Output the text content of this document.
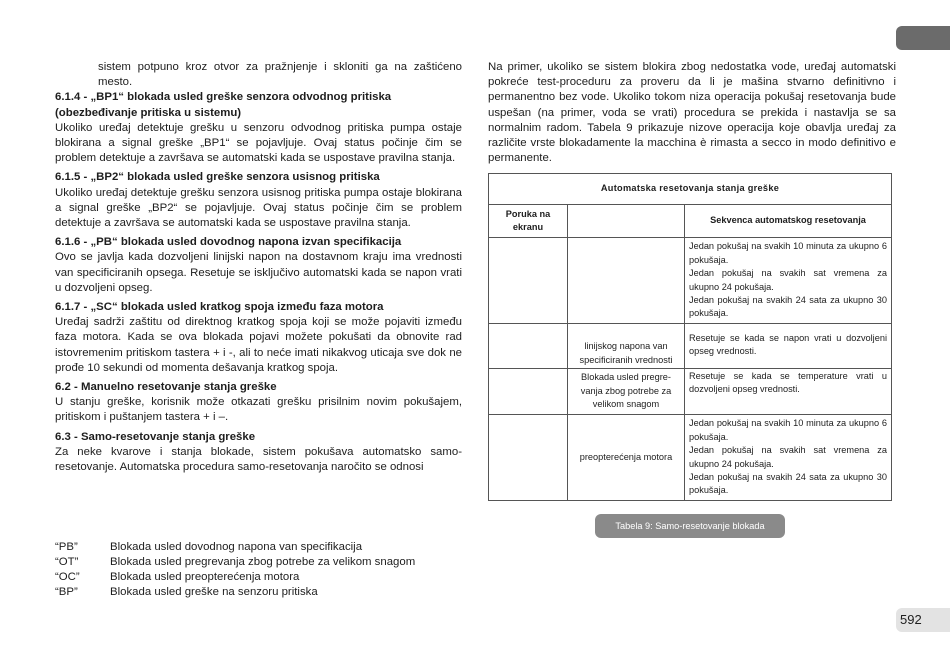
sistem potpuno kroz otvor za pražnjenje i skloniti ga na zaštićeno mesto.

6.1.4 - „BP1“ blokada usled greške senzora odvodnog pritiska (obezbeđivanje pritiska u sistemu)

Ukoliko uređaj detektuje grešku u senzoru odvodnog pritiska pumpa ostaje blokirana a signal greške „BP1“ se pojavljuje. Ovaj status počinje čim se problem detektuje a završava se automatski kada se uspostave pravilna stanja.

6.1.5 - „BP2“ blokada usled greške senzora usisnog pritiska

Ukoliko uređaj detektuje grešku senzora usisnog pritiska pumpa ostaje blokirana a signal greške „BP2“ se pojavljuje. Ovaj status počinje čim se problem detektuje a završava se automatski kada se uspostave pravilna stanja.

6.1.6 - „PB“ blokada usled dovodnog napona izvan specifikacija

Ovo se javlja kada dozvoljeni linijski napon na dostavnom kraju ima vrednosti van specificiranih opsega. Resetuje se isključivo automatski kada se napon vrati u dozvoljeni opseg.

6.1.7 - „SC“ blokada usled kratkog spoja između faza motora

Uređaj sadrži zaštitu od direktnog kratkog spoja koji se može pojaviti između faza motora. Kada se ova blokada pojavi možete pokušati da obnovite rad istovremenim pritiskom tastera + i -, ali to neće imati nikakvog uticaja sve dok ne prođe 10 sekundi od momenta dešavanja kratkog spoja.

6.2 - Manuelno resetovanje stanja greške

U stanju greške, korisnik može otkazati grešku prisilnim novim pokušajem, pritiskom i puštanjem tastera + i –.

6.3 - Samo-resetovanje stanja greške

Za neke kvarove i stanja blokade, sistem pokušava automatsko samo-resetovanje. Automatska procedura samo-resetovanja naročito se odnosi

“PB”	Blokada usled dovodnog napona van specifikacija
“OT”	Blokada usled pregrevanja zbog potrebe za velikom snagom
“OC”	Blokada usled preopterećenja motora
“BP”	Blokada usled greške na senzoru pritiska

Na primer, ukoliko se sistem blokira zbog nedostatka vode, uređaj automatski pokreće test-proceduru za proveru da li je mašina stvarno definitivno i permanentno bez vode. Ukoliko tokom niza operacija pokušaj resetovanja bude uspešan (na primer, voda se vrati) procedura se prekida i nastavlja se sa normalnim radom. Tabela 9 prikazuje nizove operacija koje obavlja uređaj za različite vrste blokadamente la macchina è rimasta a secco in modo definitivo e permanente.

Automatska resetovanja stanja greške		
Poruka na ekranu		Sekvenca automatskog resetovanja

		Jedan pokušaj na svakih 10 minuta za ukupno 6 pokušaja.
Jedan pokušaj na svakih sat vremena za ukupno 24 pokušaja.
Jedan pokušaj na svakih 24 sata za ukupno 30 pokušaja.

	linijskog napona van specificiranih vrednosti	Resetuje se kada se napon vrati u dozvoljeni opseg vrednosti.

	Blokada usled pregre-vanja zbog potrebe za velikom snagom	Resetuje se kada se temperature vrati u dozvoljeni opseg vrednosti.

	preopterećenja motora	Jedan pokušaj na svakih 10 minuta za ukupno 6 pokušaja.
Jedan pokušaj na svakih sat vremena za ukupno 24 pokušaja.
Jedan pokušaj na svakih 24 sata za ukupno 30 pokušaja.
Tabela 9: Samo-resetovanje blokada
592
